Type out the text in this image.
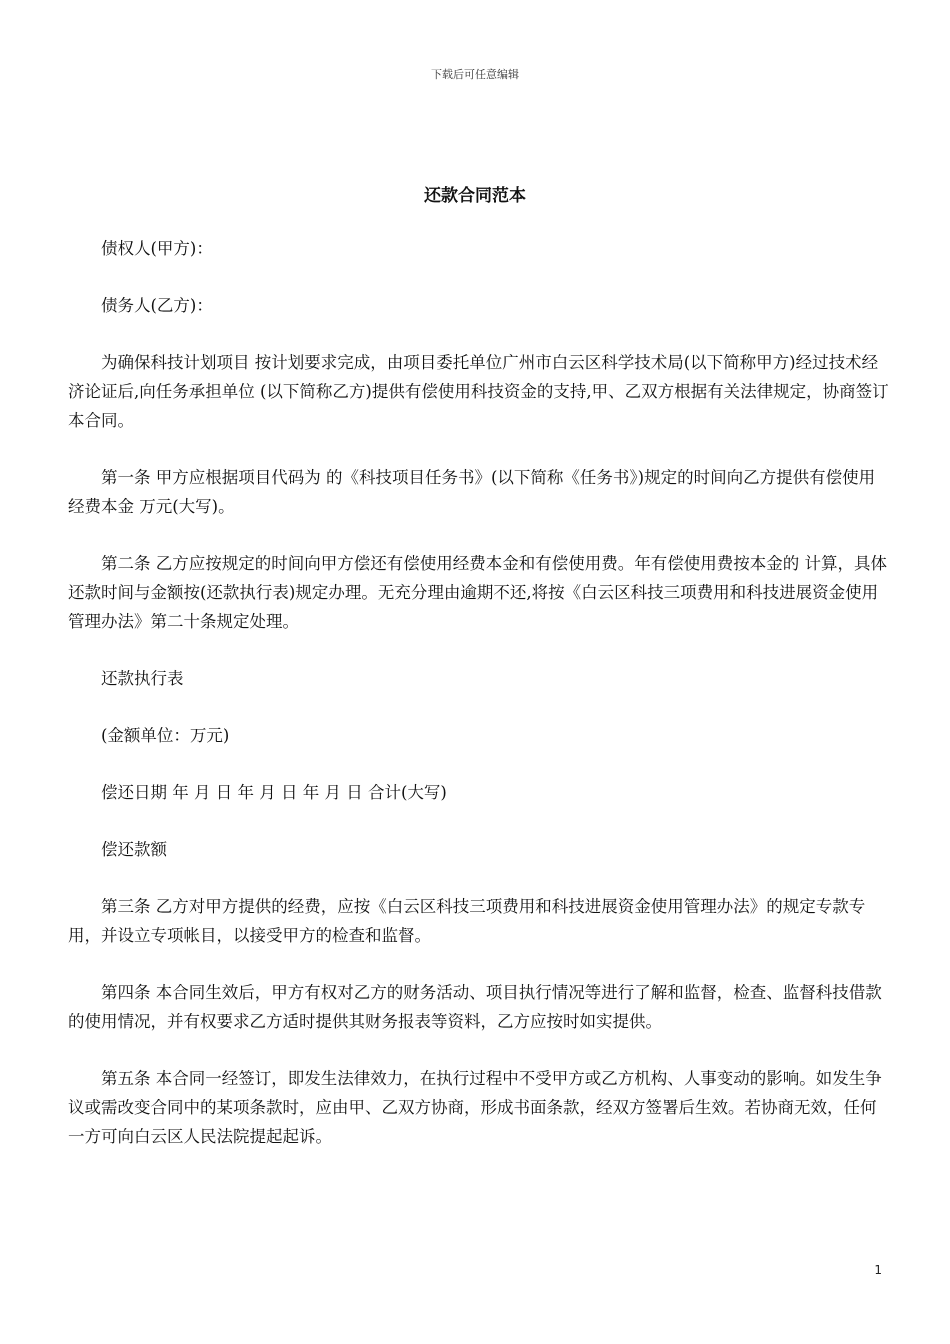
下载后可任意编辑
还款合同范本

债权人(甲方)：

债务人(乙方)：

为确保科技计划项目 按计划要求完成，由项目委托单位广州市白云区科学技术局(以下简称甲方)经过技术经济论证后,向任务承担单位 (以下简称乙方)提供有偿使用科技资金的支持,甲、乙双方根据有关法律规定，协商签订本合同。

第一条 甲方应根据项目代码为 的《科技项目任务书》(以下简称《任务书》)规定的时间向乙方提供有偿使用经费本金 万元(大写)。

第二条 乙方应按规定的时间向甲方偿还有偿使用经费本金和有偿使用费。年有偿使用费按本金的 计算，具体还款时间与金额按(还款执行表)规定办理。无充分理由逾期不还,将按《白云区科技三项费用和科技进展资金使用管理办法》第二十条规定处理。

还款执行表

(金额单位：万元)

偿还日期 年 月 日 年 月 日 年 月 日 合计(大写)

偿还款额

第三条 乙方对甲方提供的经费，应按《白云区科技三项费用和科技进展资金使用管理办法》的规定专款专用，并设立专项帐目，以接受甲方的检查和监督。

第四条 本合同生效后，甲方有权对乙方的财务活动、项目执行情况等进行了解和监督，检查、监督科技借款的使用情况，并有权要求乙方适时提供其财务报表等资料，乙方应按时如实提供。

第五条 本合同一经签订，即发生法律效力，在执行过程中不受甲方或乙方机构、人事变动的影响。如发生争议或需改变合同中的某项条款时，应由甲、乙双方协商，形成书面条款，经双方签署后生效。若协商无效，任何一方可向白云区人民法院提起起诉。

1
